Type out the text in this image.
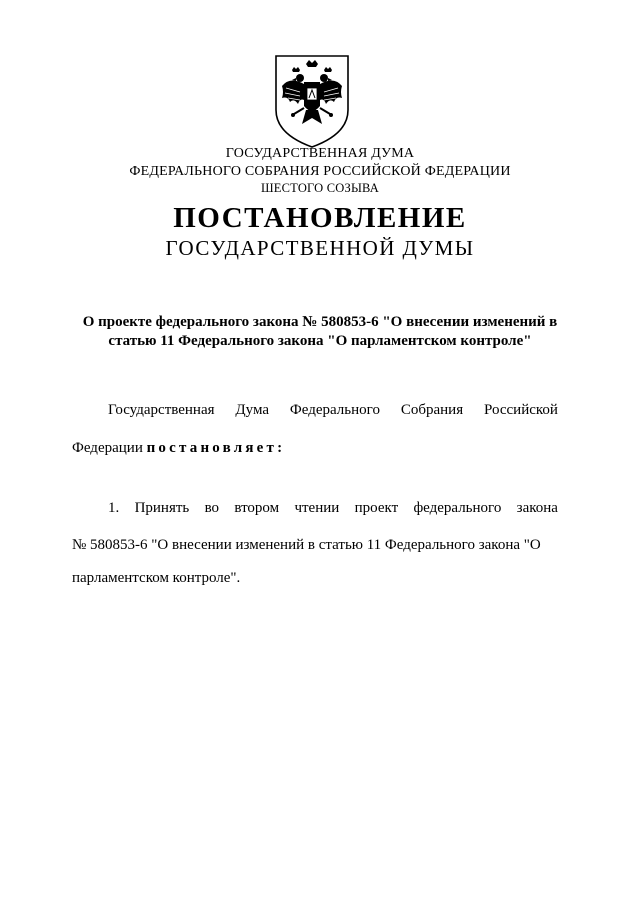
ГОСУДАРСТВЕННАЯ ДУМА
ФЕДЕРАЛЬНОГО СОБРАНИЯ РОССИЙСКОЙ ФЕДЕРАЦИИ
ШЕСТОГО СОЗЫВА
ПОСТАНОВЛЕНИЕ
ГОСУДАРСТВЕННОЙ ДУМЫ
О проекте федерального закона № 580853-6 "О внесении изменений в
статью 11 Федерального закона "О парламентском контроле"
Государственная Дума Федерального Собрания Российской
Федерации постановляет:
1. Принять во втором чтении проект федерального закона
№ 580853-6 "О внесении изменений в статью 11 Федерального закона "О
парламентском контроле".
